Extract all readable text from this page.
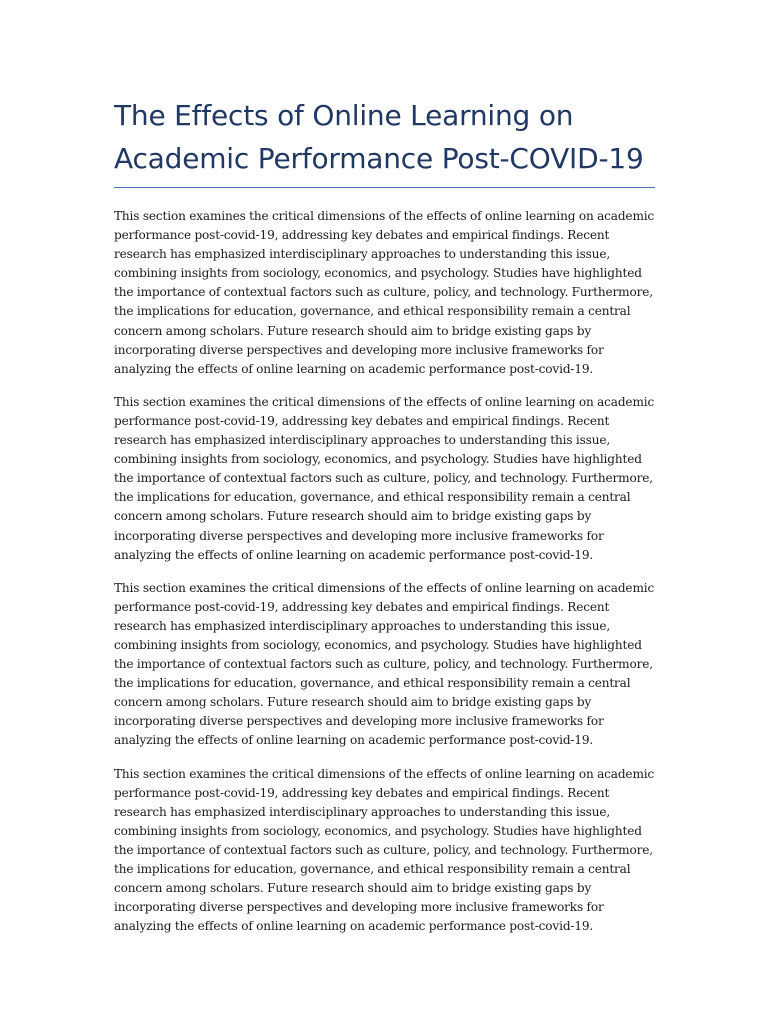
The Effects of Online Learning on Academic Performance Post-COVID-19

This section examines the critical dimensions of the effects of online learning on academic performance post-covid-19, addressing key debates and empirical findings. Recent research has emphasized interdisciplinary approaches to understanding this issue, combining insights from sociology, economics, and psychology. Studies have highlighted the importance of contextual factors such as culture, policy, and technology. Furthermore, the implications for education, governance, and ethical responsibility remain a central concern among scholars. Future research should aim to bridge existing gaps by incorporating diverse perspectives and developing more inclusive frameworks for analyzing the effects of online learning on academic performance post-covid-19.

This section examines the critical dimensions of the effects of online learning on academic performance post-covid-19, addressing key debates and empirical findings. Recent research has emphasized interdisciplinary approaches to understanding this issue, combining insights from sociology, economics, and psychology. Studies have highlighted the importance of contextual factors such as culture, policy, and technology. Furthermore, the implications for education, governance, and ethical responsibility remain a central concern among scholars. Future research should aim to bridge existing gaps by incorporating diverse perspectives and developing more inclusive frameworks for analyzing the effects of online learning on academic performance post-covid-19.

This section examines the critical dimensions of the effects of online learning on academic performance post-covid-19, addressing key debates and empirical findings. Recent research has emphasized interdisciplinary approaches to understanding this issue, combining insights from sociology, economics, and psychology. Studies have highlighted the importance of contextual factors such as culture, policy, and technology. Furthermore, the implications for education, governance, and ethical responsibility remain a central concern among scholars. Future research should aim to bridge existing gaps by incorporating diverse perspectives and developing more inclusive frameworks for analyzing the effects of online learning on academic performance post-covid-19.

This section examines the critical dimensions of the effects of online learning on academic performance post-covid-19, addressing key debates and empirical findings. Recent research has emphasized interdisciplinary approaches to understanding this issue, combining insights from sociology, economics, and psychology. Studies have highlighted the importance of contextual factors such as culture, policy, and technology. Furthermore, the implications for education, governance, and ethical responsibility remain a central concern among scholars. Future research should aim to bridge existing gaps by incorporating diverse perspectives and developing more inclusive frameworks for analyzing the effects of online learning on academic performance post-covid-19.
